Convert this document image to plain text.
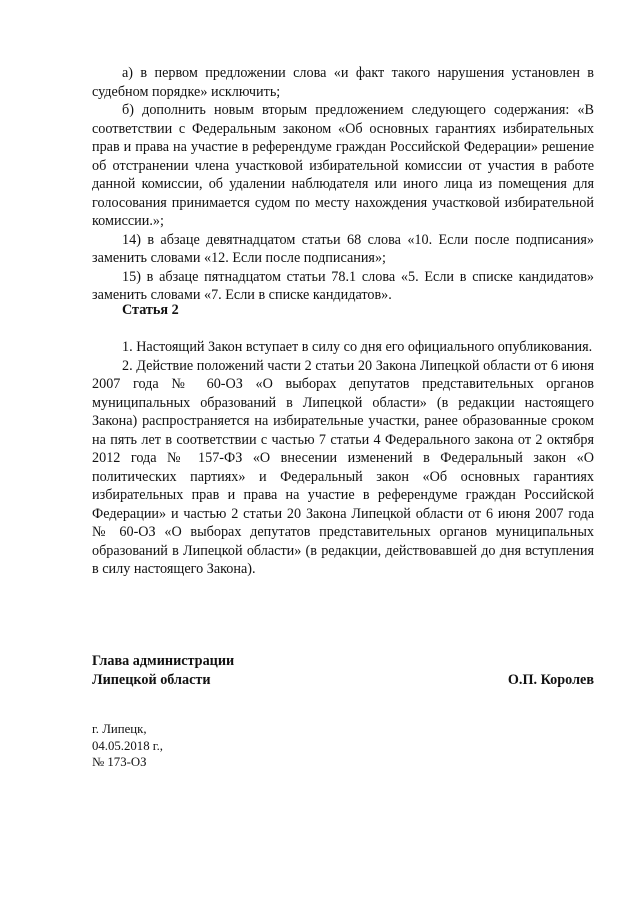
а) в первом предложении слова «и факт такого нарушения установлен в судебном порядке» исключить;

б) дополнить новым вторым предложением следующего содержания: «В соответствии с Федеральным законом «Об основных гарантиях избирательных прав и права на участие в референдуме граждан Российской Федерации» решение об отстранении члена участковой избирательной комиссии от участия в работе данной комиссии, об удалении наблюдателя или иного лица из помещения для голосования принимается судом по месту нахождения участковой избирательной комиссии.»;

14) в абзаце девятнадцатом статьи 68 слова «10. Если после подписания» заменить словами «12. Если после подписания»;

15) в абзаце пятнадцатом статьи 78.1 слова «5. Если в списке кандидатов» заменить словами «7. Если в списке кандидатов».

Статья 2

1. Настоящий Закон вступает в силу со дня его официального опубликования.

2. Действие положений части 2 статьи 20 Закона Липецкой области от 6 июня 2007 года № 60-ОЗ «О выборах депутатов представительных органов муниципальных образований в Липецкой области» (в редакции настоящего Закона) распространяется на избирательные участки, ранее образованные сроком на пять лет в соответствии с частью 7 статьи 4 Федерального закона от 2 октября 2012 года № 157-ФЗ «О внесении изменений в Федеральный закон «О политических партиях» и Федеральный закон «Об основных гарантиях избирательных прав и права на участие в референдуме граждан Российской Федерации» и частью 2 статьи 20 Закона Липецкой области от 6 июня 2007 года № 60-ОЗ «О выборах депутатов представительных органов муниципальных образований в Липецкой области» (в редакции, действовавшей до дня вступления в силу настоящего Закона).

Глава администрации
Липецкой области	О.П. Королев
г. Липецк,
04.05.2018 г.,
№ 173-ОЗ
